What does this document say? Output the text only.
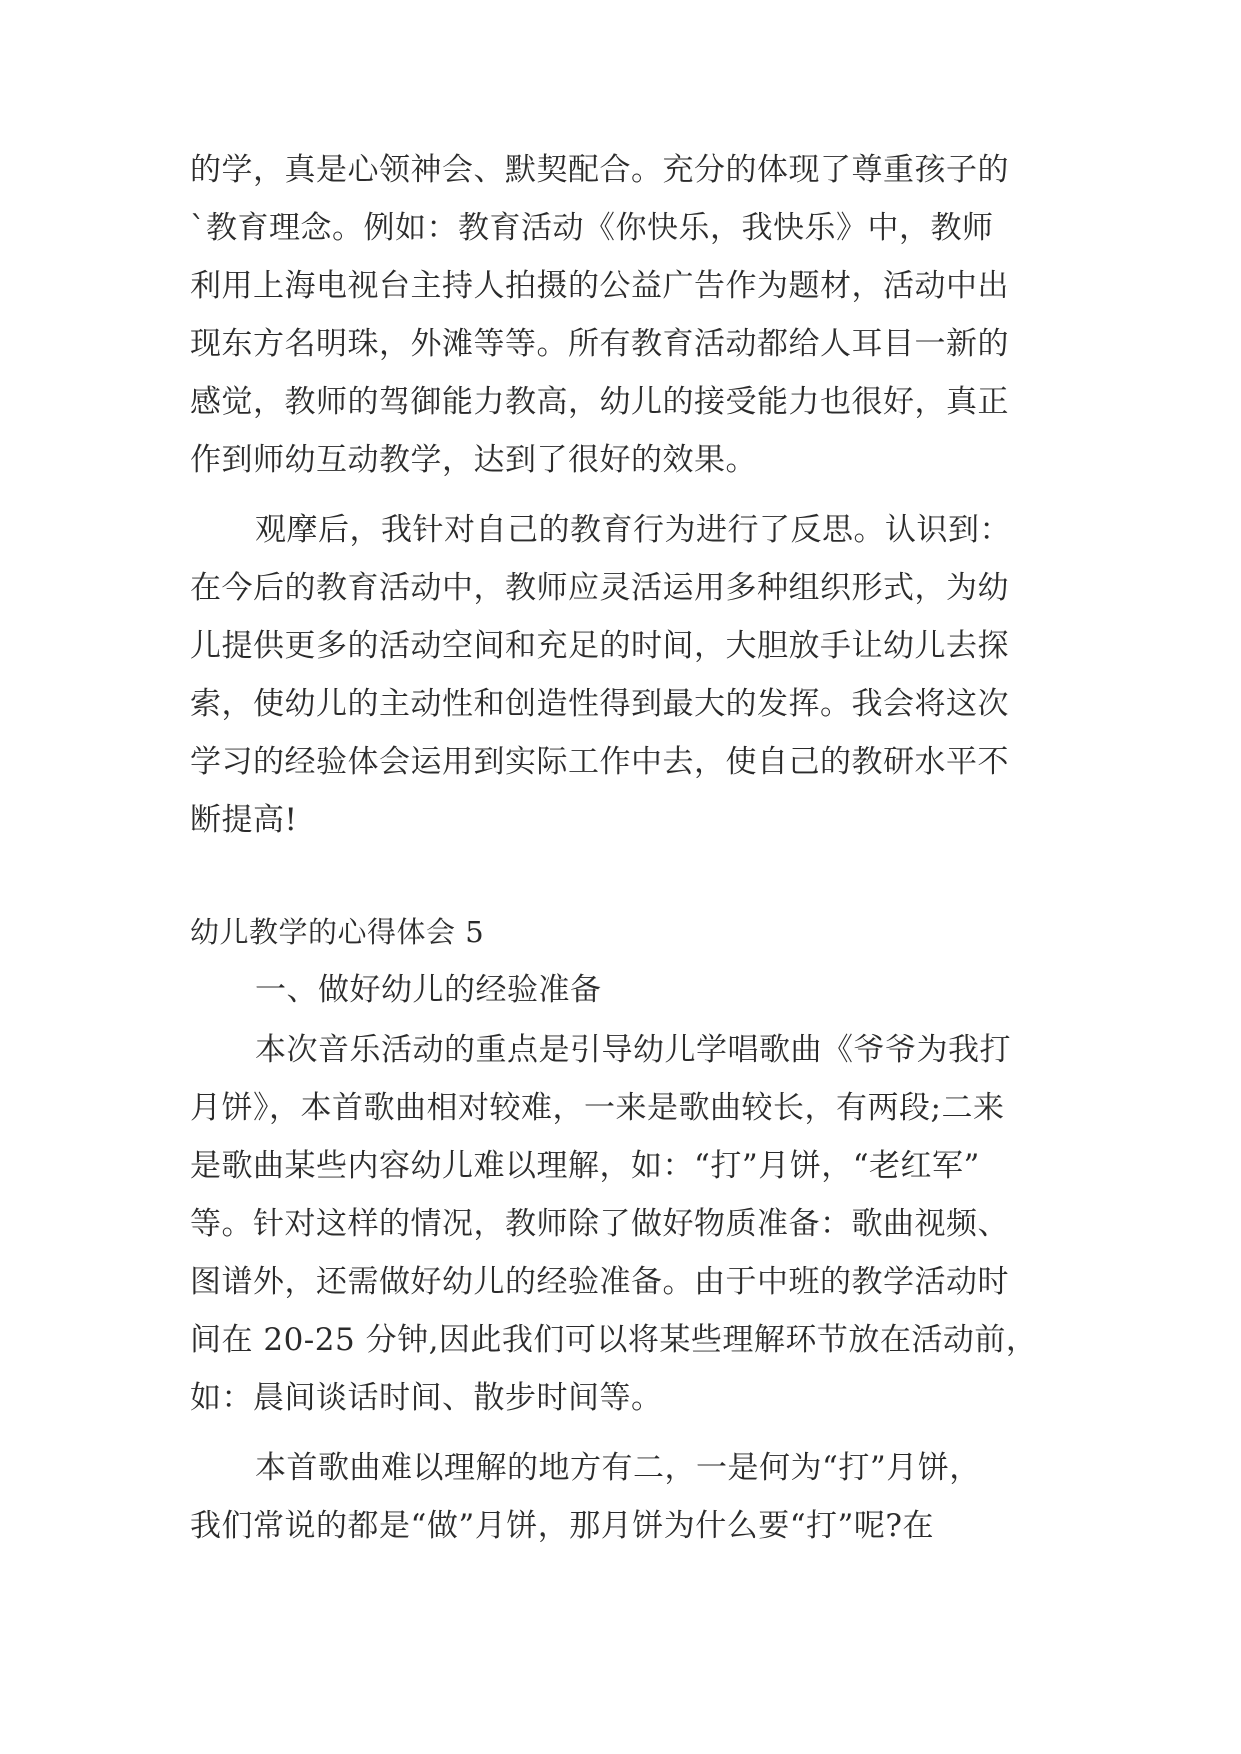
的学，真是心领神会、默契配合。充分的体现了尊重孩子的
`教育理念。例如：教育活动《你快乐，我快乐》中，教师
利用上海电视台主持人拍摄的公益广告作为题材，活动中出
现东方名明珠，外滩等等。所有教育活动都给人耳目一新的
感觉，教师的驾御能力教高，幼儿的接受能力也很好，真正
作到师幼互动教学，达到了很好的效果。
观摩后，我针对自己的教育行为进行了反思。认识到：
在今后的教育活动中，教师应灵活运用多种组织形式，为幼
儿提供更多的活动空间和充足的时间，大胆放手让幼儿去探
索，使幼儿的主动性和创造性得到最大的发挥。我会将这次
学习的经验体会运用到实际工作中去，使自己的教研水平不
断提高!
幼儿教学的心得体会 5
一、做好幼儿的经验准备
本次音乐活动的重点是引导幼儿学唱歌曲《爷爷为我打
月饼》，本首歌曲相对较难，一来是歌曲较长，有两段;二来
是歌曲某些内容幼儿难以理解，如：“打”月饼，“老红军”
等。针对这样的情况，教师除了做好物质准备：歌曲视频、
图谱外，还需做好幼儿的经验准备。由于中班的教学活动时
间在 20-25 分钟,因此我们可以将某些理解环节放在活动前，
如：晨间谈话时间、散步时间等。
本首歌曲难以理解的地方有二，一是何为“打”月饼，
我们常说的都是“做”月饼，那月饼为什么要“打”呢?在
